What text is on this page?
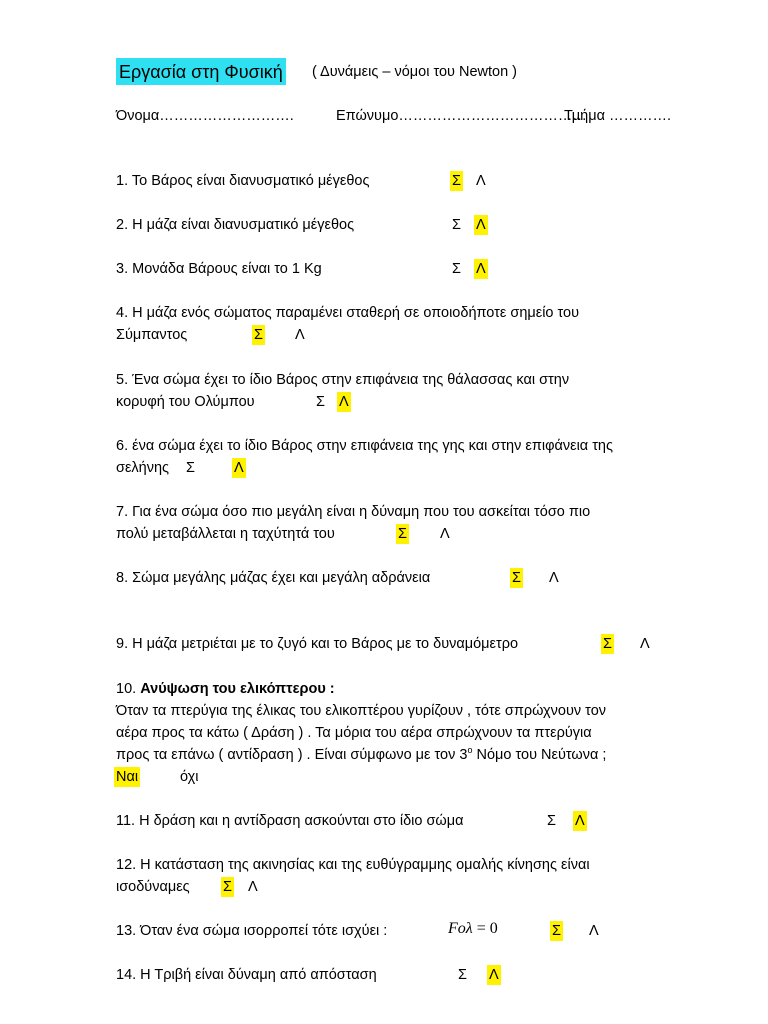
Εργασία στη Φυσική ( Δυνάμεις – νόμοι του Newton )
Όνομα……………………….	Επώνυμο…………………………………
Τμήμα ………….
1. Το Βάρος είναι διανυσματικό μέγεθος	Σ Λ
2. Η μάζα είναι διανυσματικό μέγεθος	Σ Λ
3. Μονάδα Βάρους είναι το 1 Kg	Σ Λ
4. Η μάζα ενός σώματος παραμένει σταθερή σε οποιοδήποτε σημείο του
Σύμπαντος	Σ Λ
5. Ένα σώμα έχει το ίδιο Βάρος στην επιφάνεια της θάλασσας και στην
κορυφή του Ολύμπου	Σ Λ
6. ένα σώμα έχει το ίδιο Βάρος στην επιφάνεια της γης και στην επιφάνεια της
σελήνης Σ	Λ
7. Για ένα σώμα όσο πιο μεγάλη είναι η δύναμη που του ασκείται τόσο πιο
πολύ μεταβάλλεται η ταχύτητά του	Σ Λ
8. Σώμα μεγάλης μάζας έχει και μεγάλη αδράνεια	Σ Λ
9. Η μάζα μετριέται με το ζυγό και το Βάρος με το δυναμόμετρο	Σ Λ
10. Ανύψωση του ελικόπτερου :
Όταν τα πτερύγια της έλικας του ελικοπτέρου γυρίζουν , τότε σπρώχνουν τον
αέρα προς τα κάτω ( Δράση ) . Τα μόρια του αέρα σπρώχνουν τα πτερύγια
προς τα επάνω ( αντίδραση ) . Είναι σύμφωνο με τον $3^o$ Νόμο του Νεύτωνα ;
Ναι	όχι
11. Η δράση και η αντίδραση ασκούνται στο ίδιο σώμα	Σ Λ
12. Η κατάσταση της ακινησίας και της ευθύγραμμης ομαλής κίνησης είναι
ισοδύναμες Σ Λ
13. Όταν ένα σώμα ισορροπεί τότε ισχύει :	Fολ = 0	Σ Λ
14. Η Τριβή είναι δύναμη από απόσταση	Σ Λ
